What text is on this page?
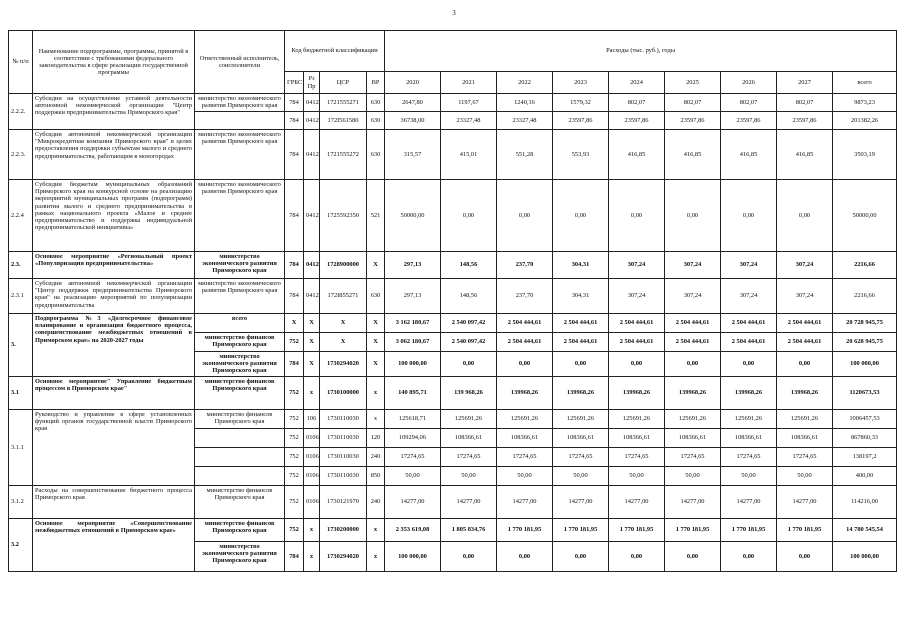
3
№ п/п	Наименование подпрограммы, программы, принятой в соответствии с требованиями федерального законодательства в сфере реализации государственной программы	Ответственный исполнитель, соисполнители	Код бюджетной классификации				Расходы (тыс. руб.), годы								
			ГРБС	Рз Пр	ЦСР	ВР	2020	2021	2022	2023	2024	2025	2026	2027	всего
2.2.2.	Субсидии на осуществление уставной деятельности автономной некоммерческой организации "Центр поддержки предпринимательства Приморского края"	министерство экономического развития Приморского края	784	0412	1721555271	630	2647,80	1197,67	1240,16	1579,32	802,07	802,07	802,07	802,07	9873,23
			784	0412	172I561580	630	36738,00	23327,48	23327,48	23597,86	23597,86	23597,86	23597,86	23597,86	201382,26
2.2.3.	Субсидии автономной некоммерческой организации "Микрокредитная компания Приморского края" в целях предоставления поддержки субъектам малого и среднего предпринимательства, работающим в моногородах	министерство экономического развития Приморского края	784	0412	1721555272	630	315,57	415,01	551,28	553,93	416,85	416,85	416,85	416,85	3503,19
2.2.4	Субсидии бюджетам муниципальных образований Приморского края на конкурсной основе на реализацию мероприятий муниципальных программ (подпрограмм) развития малого и среднего предпринимательства в рамках национального проекта «Малое и среднее предпринимательство и поддержка индивидуальной предпринимательской инициативы»	министерство экономического развития Приморского края	784	0412	1725592350	521	50000,00	0,00	0,00	0,00	0,00	0,00	0,00	0,00	50000,00
2.3.	Основное мероприятие «Региональный проект «Популяризация предпринимательства»	министерство экономического развития Приморского края	784	0412	1728900000	Х	297,13	148,56	237,70	304,31	307,24	307,24	307,24	307,24	2216,66
2.3.1	Субсидии автономной некоммерческой организации "Центр поддержки предпринимательства Приморского края" на реализацию мероприятий по популяризации предпринимательства	министерство экономического развития Приморского края	784	0412	172I855271	630	297,13	148,56	237,70	304,31	307,24	307,24	307,24	307,24	2216,66
3.	Подпрограмма №3 «Долгосрочное финансовое планирование и организация бюджетного процесса, совершенствование межбюджетных отношений в Приморском крае» на 2020-2027 годы	всего	Х	Х	Х	Х	3 162 180,67	2 540 097,42	2 504 444,61	2 504 444,61	2 504 444,61	2 504 444,61	2 504 444,61	2 504 444,61	20 728 945,75
		министерство финансов Приморского края	752	Х	Х	Х	3 062 180,67	2 540 097,42	2 504 444,61	2 504 444,61	2 504 444,61	2 504 444,61	2 504 444,61	2 504 444,61	20 628 945,75
		министерство экономического развития Приморского края	784	Х	1730294020	Х	100 000,00	0,00	0,00	0,00	0,00	0,00	0,00	0,00	100 000,00
3.1	Основное мероприятие" Управление бюджетным процессом в Приморском крае"	министерство финансов Приморского края	752	х	1730100000	х	140 895,71	139 968,26	139968,26	139968,26	139968,26	139968,26	139968,26	139968,26	1120673,53
3.1.1	Руководство и управление в сфере установленных функций органов государственной власти Приморского края	министерство финансов Приморского края	752	106	1730110030	х	125618,71	125691,26	125691,26	125691,26	125691,26	125691,26	125691,26	125691,26	1006457,53
			752	0106	1730110030	120	109294,06	108366,61	108366,61	108366,61	108366,61	108366,61	108366,61	108366,61	867860,33
			752	0106	1730110030	240	17274,65	17274,65	17274,65	17274,65	17274,65	17274,65	17274,65	17274,65	138197,2
			752	0106	1730110030	850	50,00	50,00	50,00	50,00	50,00	50,00	50,00	50,00	400,00
3.1.2	Расходы на совершенствование бюджетного процесса Приморского края	министерство финансов Приморского края	752	0106	1730121970	240	14277,00	14277,00	14277,00	14277,00	14277,00	14277,00	14277,00	14277,00	114216,00
3.2	Основное мероприятие «Совершенствование межбюджетных отношений в Приморском крае»	министерство финансов Приморского края	752	х	1730200000	х	2 353 619,08	1 805 834,76	1 770 181,95	1 770 181,95	1 770 181,95	1 770 181,95	1 770 181,95	1 770 181,95	14 780 545,54
		министерство экономического развития Приморского края	784	х	1730294020	х	100 000,00	0,00	0,00	0,00	0,00	0,00	0,00	0,00	100 000,00
